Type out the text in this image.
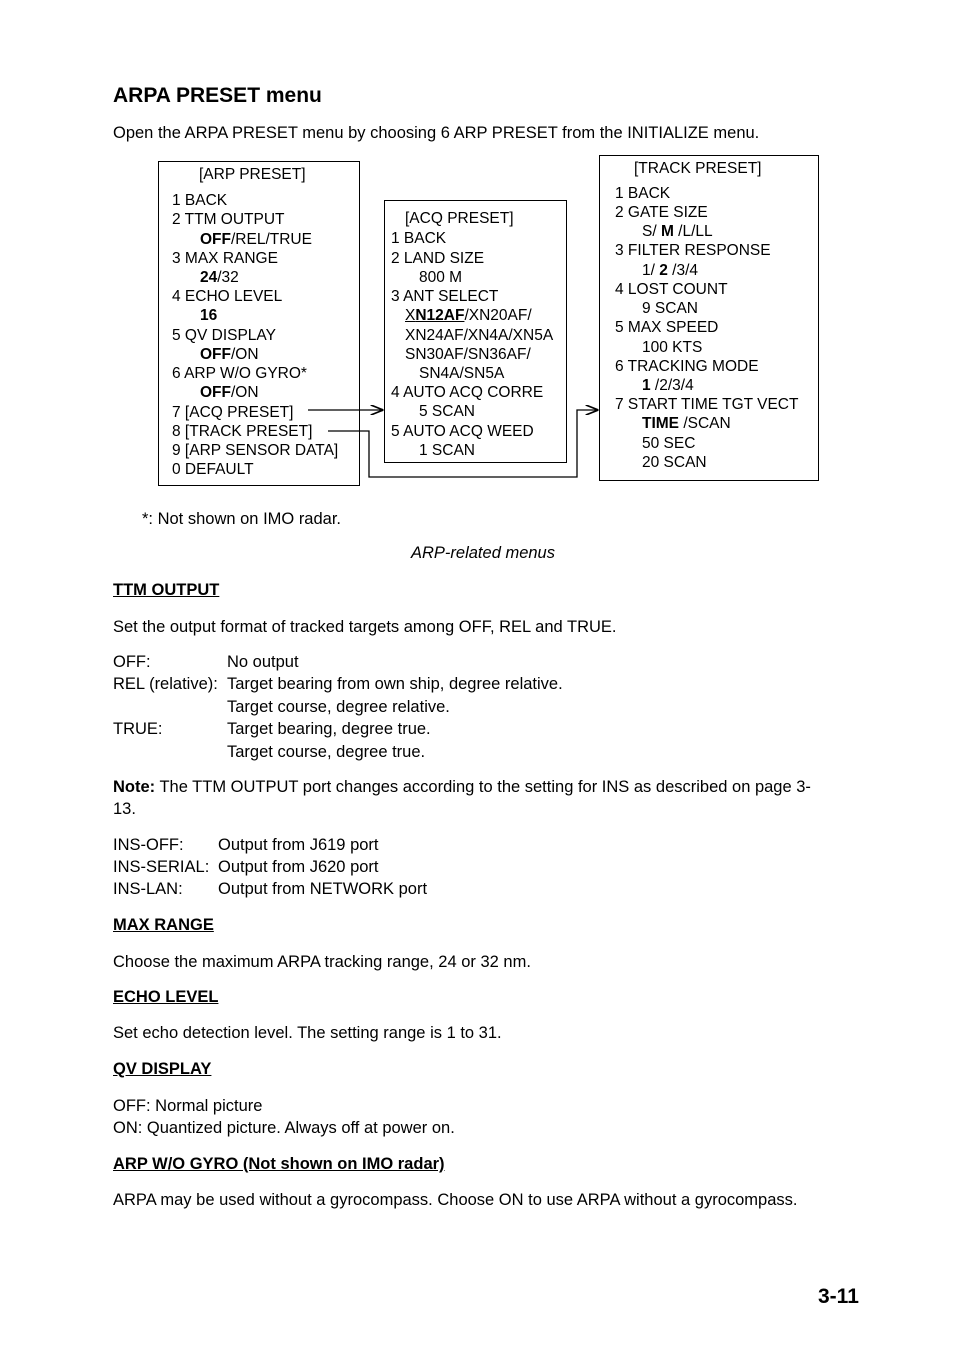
ARPA PRESET menu
Open the ARPA PRESET menu by choosing 6 ARP PRESET from the INITIALIZE menu.
[ARP PRESET]
1 BACK
2 TTM OUTPUT
OFF/REL/TRUE
3 MAX RANGE
24/32
4 ECHO LEVEL
16
5 QV DISPLAY
OFF/ON
6 ARP W/O GYRO*
OFF/ON
7 [ACQ PRESET]
8 [TRACK PRESET]
9 [ARP SENSOR DATA]
0 DEFAULT
[ACQ PRESET]
1 BACK
2 LAND SIZE
800 M
3 ANT SELECT
XN12AF/XN20AF/
XN24AF/XN4A/XN5A
SN30AF/SN36AF/
SN4A/SN5A
4 AUTO ACQ CORRE
5 SCAN
5 AUTO ACQ WEED
1 SCAN
[TRACK PRESET]
1 BACK
2 GATE SIZE
S/ M /L/LL
3 FILTER RESPONSE
1/ 2 /3/4
4 LOST COUNT
9 SCAN
5 MAX SPEED
100 KTS
6 TRACKING MODE
1 /2/3/4
7 START TIME TGT VECT
TIME /SCAN
50 SEC
20 SCAN
*: Not shown on IMO radar.
ARP-related menus
TTM OUTPUT
Set the output format of tracked targets among OFF, REL and TRUE.
OFF:	No output
REL (relative): Target bearing from own ship, degree relative.
Target course, degree relative.
TRUE:	Target bearing, degree true.
Target course, degree true.
Note: The TTM OUTPUT port changes according to the setting for INS as described on page 3-
13.
INS-OFF: Output from J619 port
INS-SERIAL: Output from J620 port
INS-LAN: Output from NETWORK port
MAX RANGE
Choose the maximum ARPA tracking range, 24 or 32 nm.
ECHO LEVEL
Set echo detection level. The setting range is 1 to 31.
QV DISPLAY
OFF: Normal picture
ON: Quantized picture. Always off at power on.
ARP W/O GYRO (Not shown on IMO radar)
ARPA may be used without a gyrocompass. Choose ON to use ARPA without a gyrocompass.
3-11
